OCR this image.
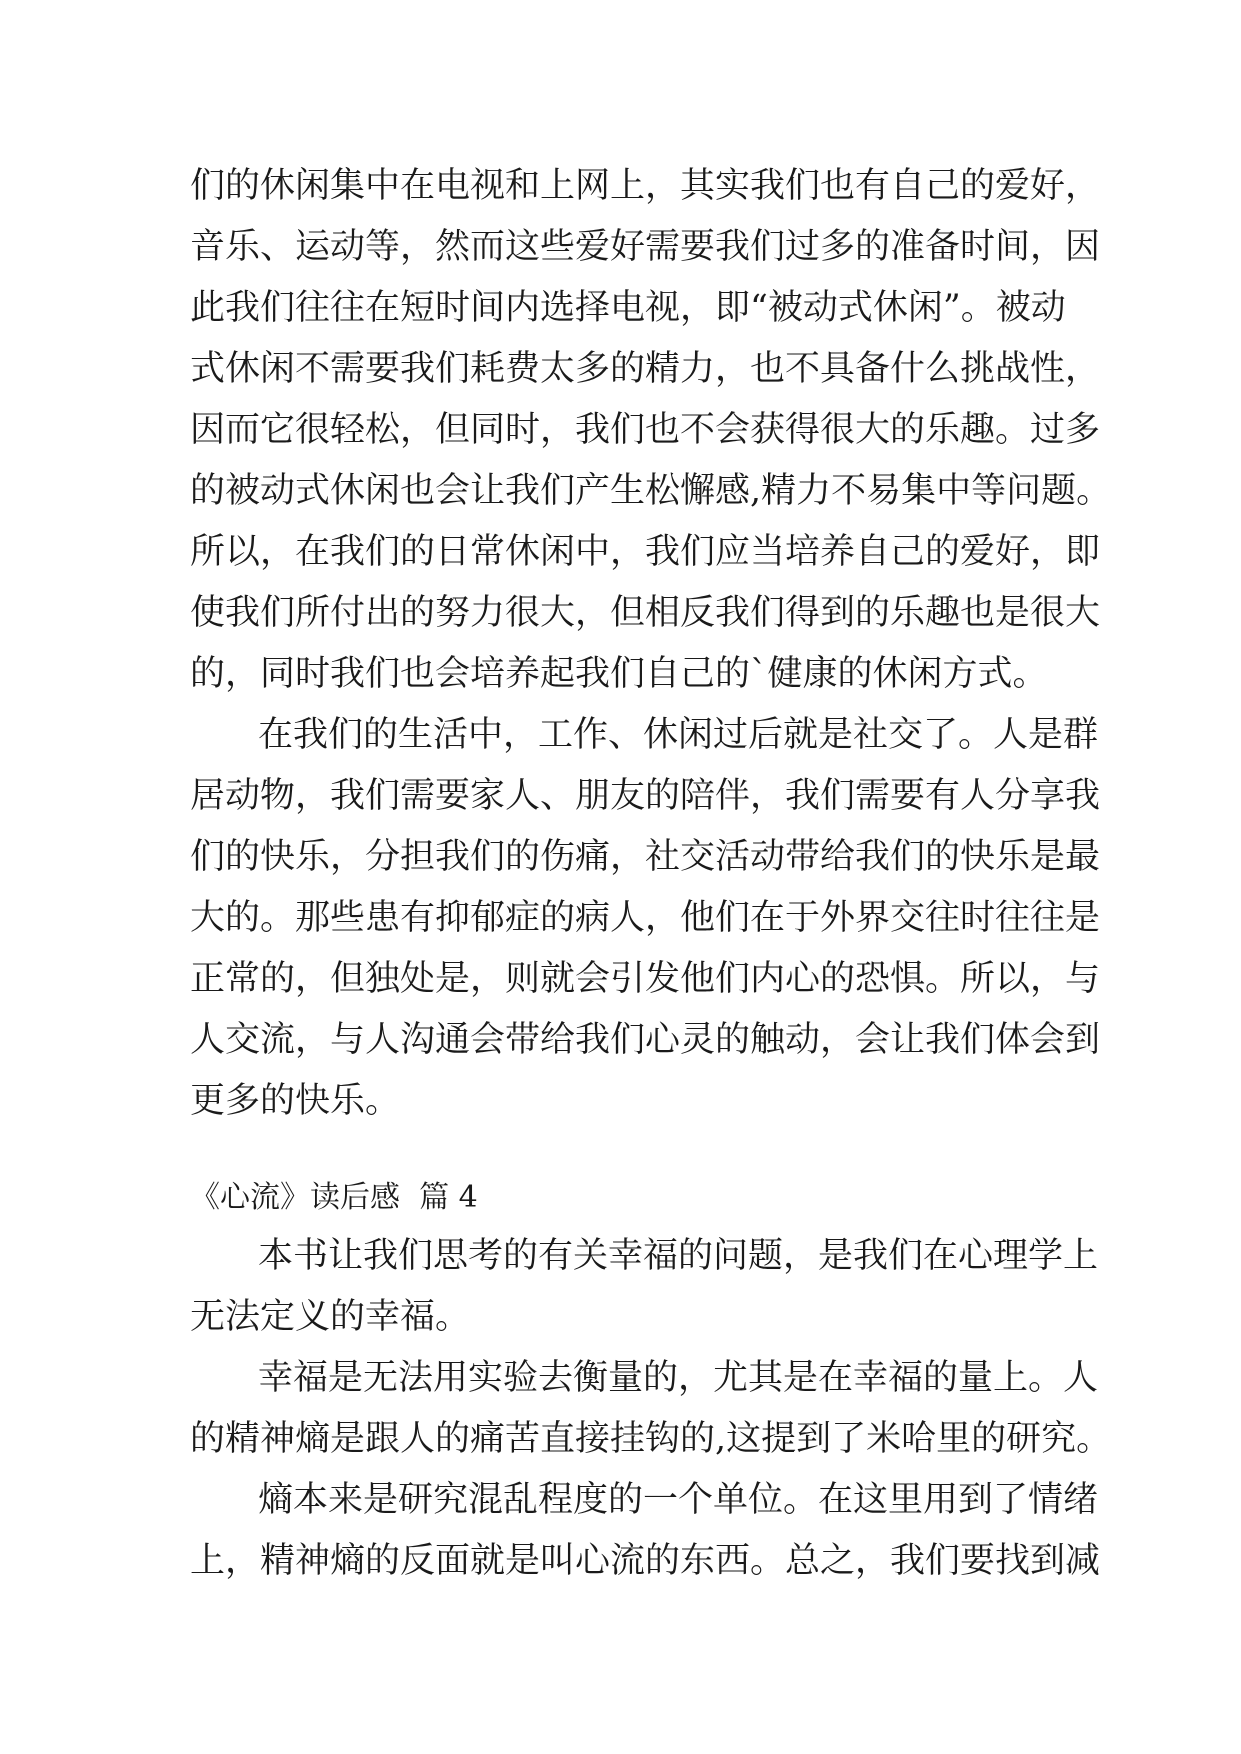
们的休闲集中在电视和上网上，其实我们也有自己的爱好，
音乐、运动等，然而这些爱好需要我们过多的准备时间，因
此我们往往在短时间内选择电视，即“被动式休闲”。被动
式休闲不需要我们耗费太多的精力，也不具备什么挑战性，
因而它很轻松，但同时，我们也不会获得很大的乐趣。过多
的被动式休闲也会让我们产生松懈感,精力不易集中等问题。
所以，在我们的日常休闲中，我们应当培养自己的爱好，即
使我们所付出的努力很大，但相反我们得到的乐趣也是很大
的，同时我们也会培养起我们自己的`健康的休闲方式。
在我们的生活中，工作、休闲过后就是社交了。人是群
居动物，我们需要家人、朋友的陪伴，我们需要有人分享我
们的快乐，分担我们的伤痛，社交活动带给我们的快乐是最
大的。那些患有抑郁症的病人，他们在于外界交往时往往是
正常的，但独处是，则就会引发他们内心的恐惧。所以，与
人交流，与人沟通会带给我们心灵的触动，会让我们体会到
更多的快乐。
《心流》读后感  篇 4
本书让我们思考的有关幸福的问题，是我们在心理学上
无法定义的幸福。
幸福是无法用实验去衡量的，尤其是在幸福的量上。人
的精神熵是跟人的痛苦直接挂钩的,这提到了米哈里的研究。
熵本来是研究混乱程度的一个单位。在这里用到了情绪
上，精神熵的反面就是叫心流的东西。总之，我们要找到减
